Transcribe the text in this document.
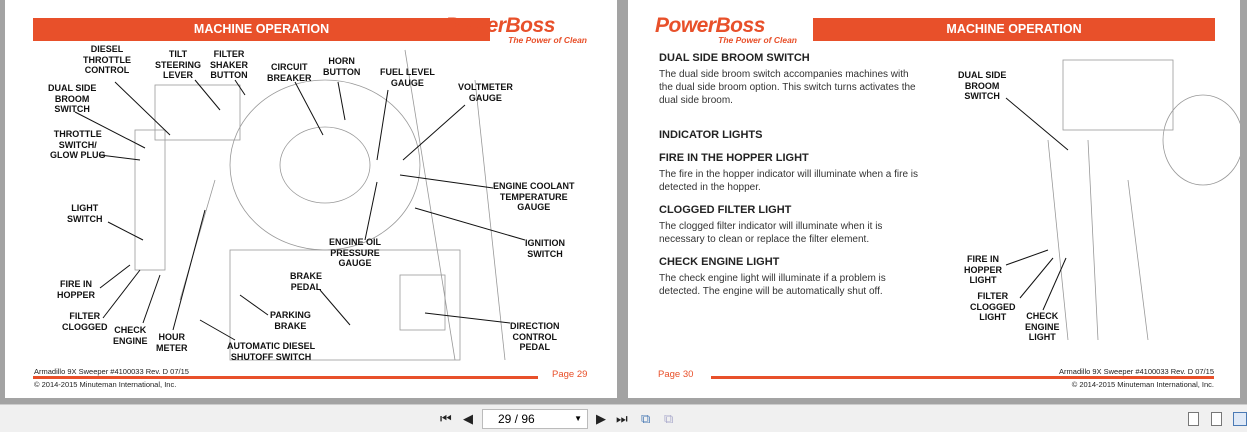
MACHINE OPERATION	PowerBoss
The Power of Clean
DIESEL
THROTTLE
CONTROL
TILT
STEERING
LEVER
FILTER
SHAKER
BUTTON
CIRCUIT
BREAKER
HORN
BUTTON FUEL LEVEL
GAUGE	VOLTMETER
GAUGE
DUAL SIDE
BROOM
SWITCH
THROTTLE
SWITCH/
GLOW PLUG
ENGINE COOLANT
TEMPERATURE
GAUGE
LIGHT
SWITCH
ENGINE OIL
PRESSURE
GAUGE
IGNITION
SWITCH
BRAKE
PEDAL
FIRE IN
HOPPER
PARKING
BRAKE
FILTER
CLOGGED CHECK
ENGINE HOUR
METER	AUTOMATIC DIESEL
SHUTOFF SWITCH
DIRECTION
CONTROL
PEDAL
Armadillo 9X Sweeper #4100033 Rev. D 07/15	Page 29
© 2014-2015 Minuteman International, Inc.
PowerBoss
The Power of Clean
MACHINE OPERATION
DUAL SIDE BROOM SWITCH
The dual side broom switch accompanies machines with the dual side broom option. This switch turns activates the dual side broom.
INDICATOR LIGHTS
FIRE IN THE HOPPER LIGHT
The fire in the hopper indicator will illuminate when a fire is detected in the hopper.
CLOGGED FILTER LIGHT
The clogged filter indicator will illuminate when it is necessary to clean or replace the filter element.
CHECK ENGINE LIGHT
The check engine light will illuminate if a problem is detected. The engine will be automatically shut off.
DUAL SIDE
BROOM
SWITCH
FIRE IN
HOPPER
LIGHT
FILTER
CLOGGED
LIGHT	CHECK
ENGINE
LIGHT
Page 30	Armadillo 9X Sweeper #4100033 Rev. D 07/15
© 2014-2015 Minuteman International, Inc.
⏮ ◀	29 / 96	▼ ▶ ⏭ ⧉ ⧉
